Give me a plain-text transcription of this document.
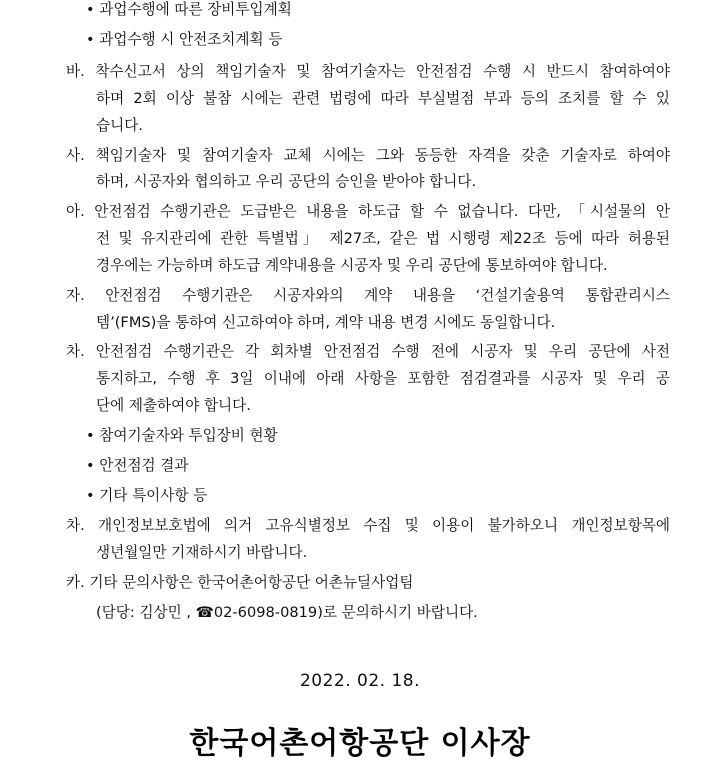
• 과업수행에 따른 장비투입계획
• 과업수행 시 안전조치계획 등
바. 착수신고서 상의 책임기술자 및 참여기술자는 안전점검 수행 시 반드시 참여하여야
하며 2회 이상 불참 시에는 관련 법령에 따라 부실벌점 부과 등의 조치를 할 수 있
습니다.
사. 책임기술자 및 참여기술자 교체 시에는 그와 동등한 자격을 갖춘 기술자로 하여야
하며, 시공자와 협의하고 우리 공단의 승인을 받아야 합니다.
아. 안전점검 수행기관은 도급받은 내용을 하도급 할 수 없습니다. 다만, 「시설물의 안
전 및 유지관리에 관한 특별법」 제27조, 같은 법 시행령 제22조 등에 따라 허용된
경우에는 가능하며 하도급 계약내용을 시공자 및 우리 공단에 통보하여야 합니다.
자. 안전점검 수행기관은 시공자와의 계약 내용을 ‘건설기술용역 통합관리시스
템’(FMS)을 통하여 신고하여야 하며, 계약 내용 변경 시에도 동일합니다.
차. 안전점검 수행기관은 각 회차별 안전점검 수행 전에 시공자 및 우리 공단에 사전
통지하고, 수행 후 3일 이내에 아래 사항을 포함한 점검결과를 시공자 및 우리 공
단에 제출하여야 합니다.
• 참여기술자와 투입장비 현황
• 안전점검 결과
• 기타 특이사항 등
차. 개인정보보호법에 의거 고유식별정보 수집 및 이용이 불가하오니 개인정보항목에
생년월일만 기재하시기 바랍니다.
카. 기타 문의사항은 한국어촌어항공단 어촌뉴딜사업팀
(담당: 김상민 , ☎02-6098-0819)로 문의하시기 바랍니다.
2022. 02. 18.
한국어촌어항공단 이사장
